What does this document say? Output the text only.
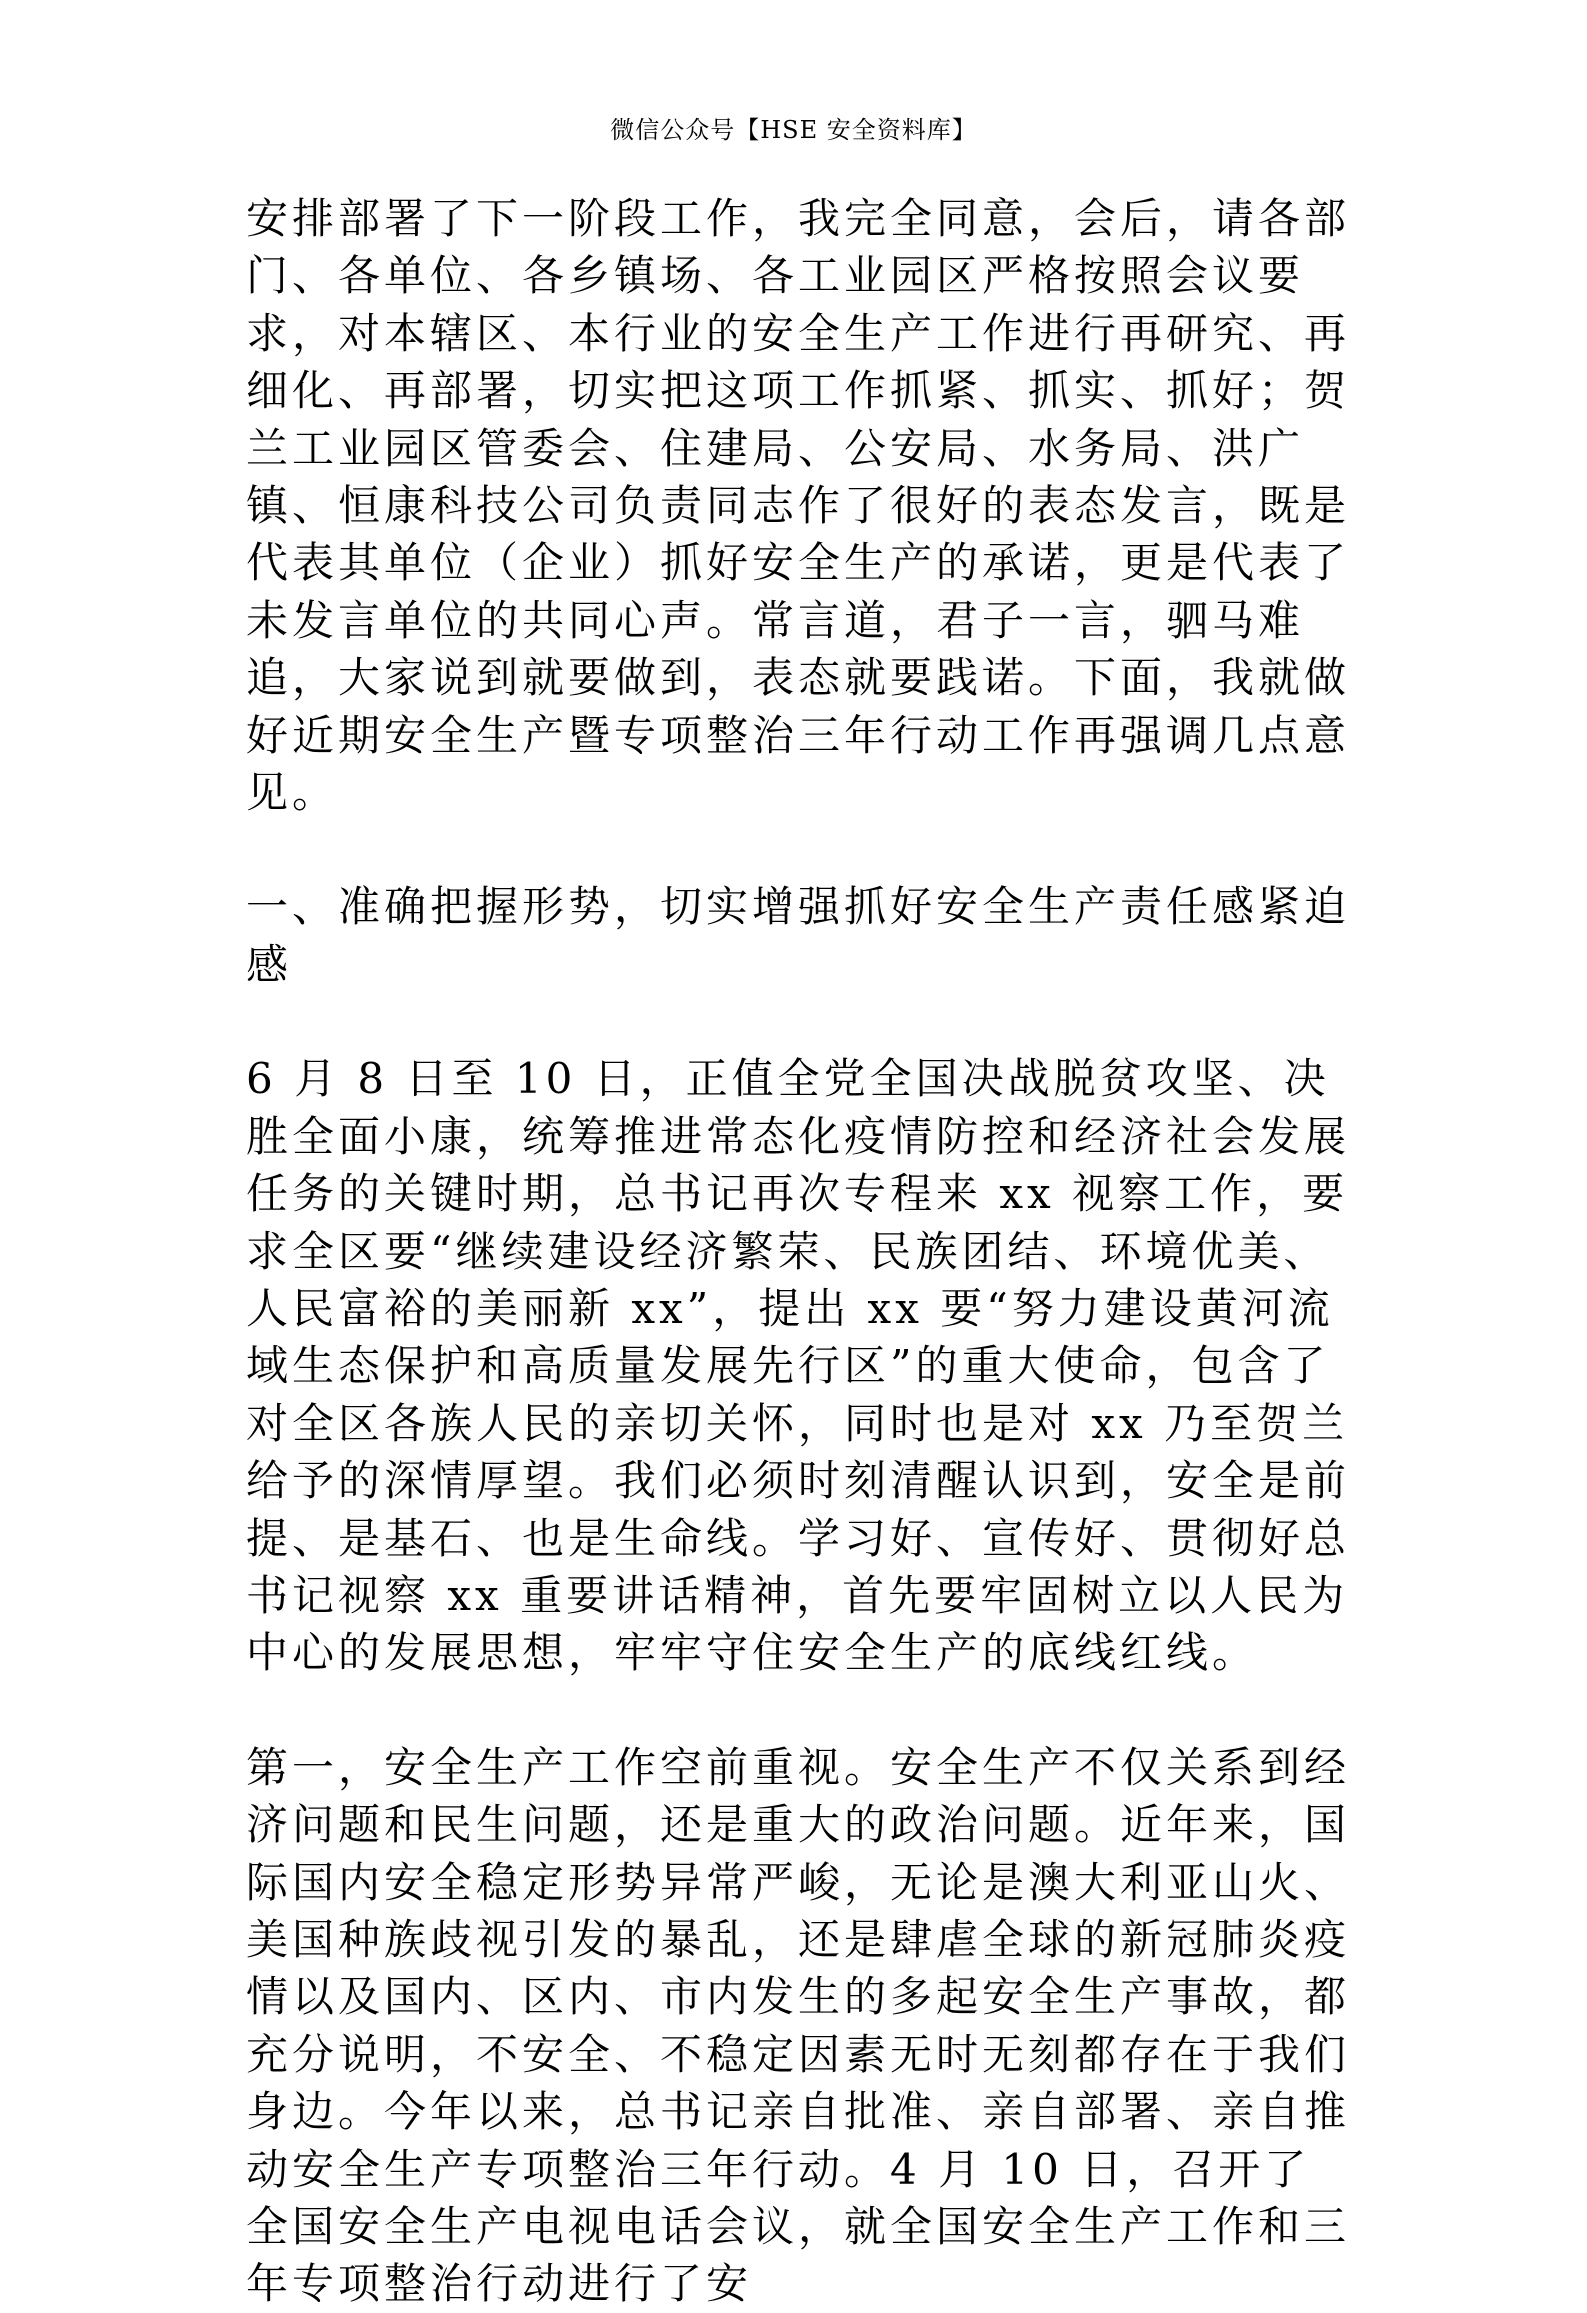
微信公众号【HSE 安全资料库】

安排部署了下一阶段工作，我完全同意，会后，请各部门、各单位、各乡镇场、各工业园区严格按照会议要求，对本辖区、本行业的安全生产工作进行再研究、再细化、再部署，切实把这项工作抓紧、抓实、抓好；贺兰工业园区管委会、住建局、公安局、水务局、洪广镇、恒康科技公司负责同志作了很好的表态发言，既是代表其单位（企业）抓好安全生产的承诺，更是代表了未发言单位的共同心声。常言道，君子一言，驷马难追，大家说到就要做到，表态就要践诺。下面，我就做好近期安全生产暨专项整治三年行动工作再强调几点意见。

一、准确把握形势，切实增强抓好安全生产责任感紧迫感

6 月 8 日至 10 日，正值全党全国决战脱贫攻坚、决胜全面小康，统筹推进常态化疫情防控和经济社会发展任务的关键时期，总书记再次专程来 xx 视察工作，要求全区要“继续建设经济繁荣、民族团结、环境优美、人民富裕的美丽新 xx”，提出 xx 要“努力建设黄河流域生态保护和高质量发展先行区”的重大使命，包含了对全区各族人民的亲切关怀，同时也是对 xx 乃至贺兰给予的深情厚望。我们必须时刻清醒认识到，安全是前提、是基石、也是生命线。学习好、宣传好、贯彻好总书记视察 xx 重要讲话精神，首先要牢固树立以人民为中心的发展思想，牢牢守住安全生产的底线红线。

第一，安全生产工作空前重视。安全生产不仅关系到经济问题和民生问题，还是重大的政治问题。近年来，国际国内安全稳定形势异常严峻，无论是澳大利亚山火、美国种族歧视引发的暴乱，还是肆虐全球的新冠肺炎疫情以及国内、区内、市内发生的多起安全生产事故，都充分说明，不安全、不稳定因素无时无刻都存在于我们身边。今年以来，总书记亲自批准、亲自部署、亲自推动安全生产专项整治三年行动。4 月 10 日，召开了全国安全生产电视电话会议，就全国安全生产工作和三年专项整治行动进行了安
